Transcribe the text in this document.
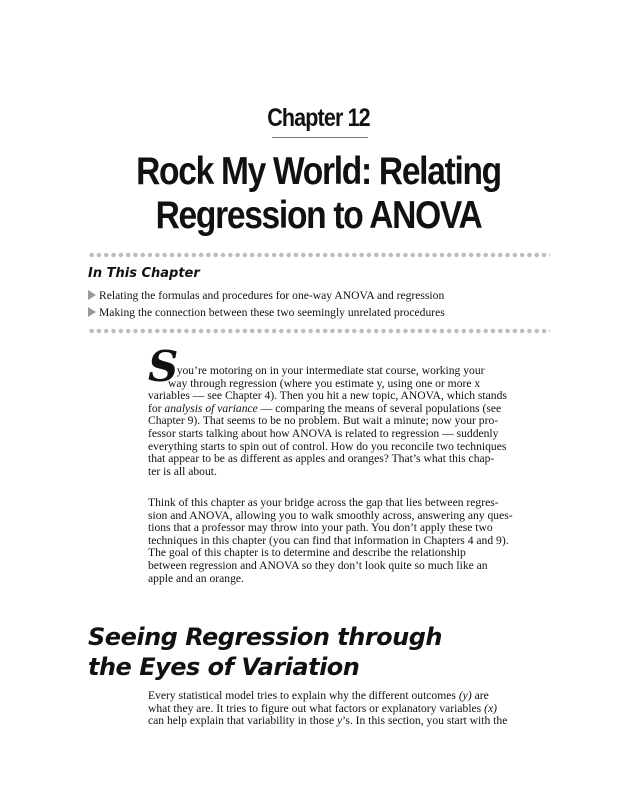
Chapter 12
Rock My World: Relating
Regression to ANOVA
In This Chapter
Relating the formulas and procedures for one-way ANOVA and regression
Making the connection between these two seemingly unrelated procedures
S
o you’re motoring on in your intermediate stat course, working your
way through regression (where you estimate y, using one or more x
variables — see Chapter 4). Then you hit a new topic, ANOVA, which stands
for analysis of variance — comparing the means of several populations (see
Chapter 9). That seems to be no problem. But wait a minute; now your pro-
fessor starts talking about how ANOVA is related to regression — suddenly
everything starts to spin out of control. How do you reconcile two techniques
that appear to be as different as apples and oranges? That’s what this chap-
ter is all about.
Think of this chapter as your bridge across the gap that lies between regres-
sion and ANOVA, allowing you to walk smoothly across, answering any ques-
tions that a professor may throw into your path. You don’t apply these two
techniques in this chapter (you can find that information in Chapters 4 and 9).
The goal of this chapter is to determine and describe the relationship
between regression and ANOVA so they don’t look quite so much like an
apple and an orange.
Seeing Regression through
the Eyes of Variation
Every statistical model tries to explain why the different outcomes (y) are
what they are. It tries to figure out what factors or explanatory variables (x)
can help explain that variability in those y’s. In this section, you start with the
